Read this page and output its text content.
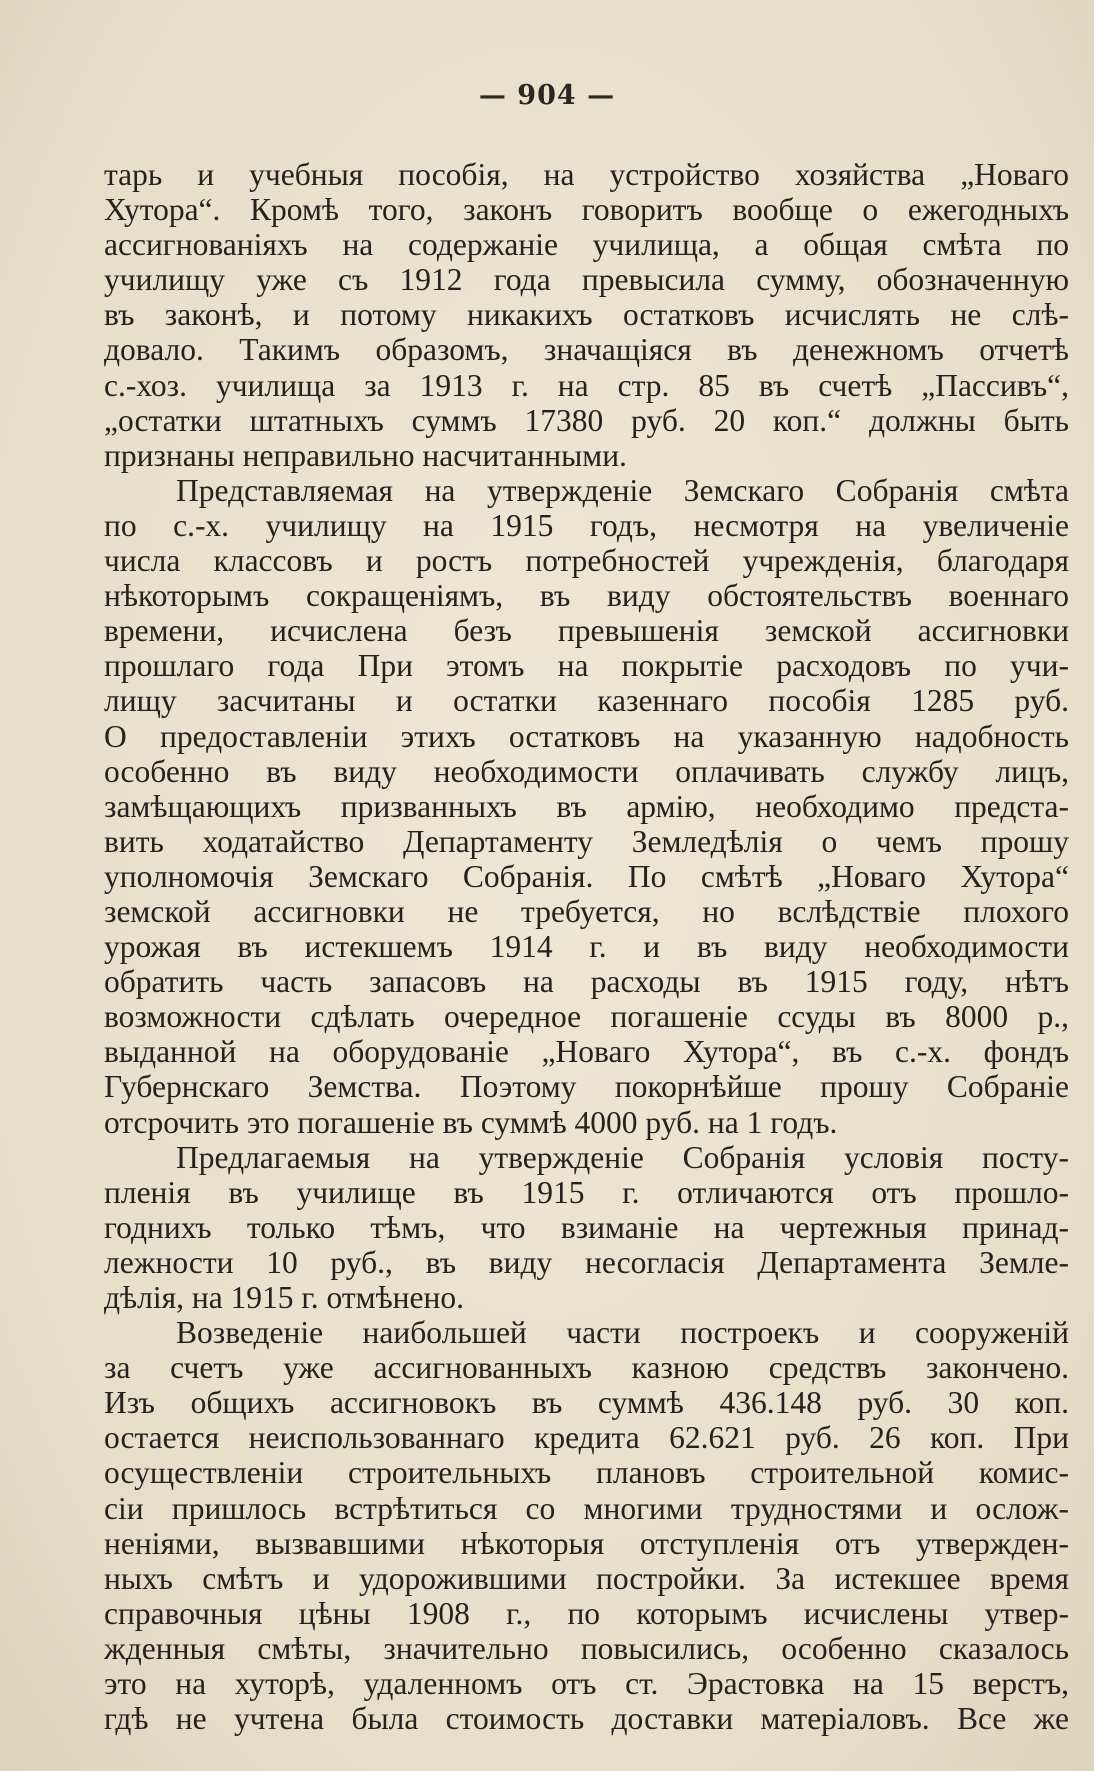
— 904 —
тарь и учебныя пособія, на устройство хозяйства „Новаго
Хутора“. Кромѣ того, законъ говоритъ вообще о ежегодныхъ
ассигнованіяхъ на содержаніе училища, а общая смѣта по
училищу уже съ 1912 года превысила сумму, обозначенную
въ законѣ, и потому никакихъ остатковъ исчислять не слѣ-
довало. Такимъ образомъ, значащіяся въ денежномъ отчетѣ
с.-хоз. училища за 1913 г. на стр. 85 въ счетѣ „Пассивъ“,
„остатки штатныхъ суммъ 17380 руб. 20 коп.“ должны быть
признаны неправильно насчитанными.
Представляемая на утвержденіе Земскаго Собранія смѣта
по с.-х. училищу на 1915 годъ, несмотря на увеличеніе
числа классовъ и ростъ потребностей учрежденія, благодаря
нѣкоторымъ сокращеніямъ, въ виду обстоятельствъ военнаго
времени, исчислена безъ превышенія земской ассигновки
прошлаго года При этомъ на покрытіе расходовъ по учи-
лищу засчитаны и остатки казеннаго пособія 1285 руб.
О предоставленіи этихъ остатковъ на указанную надобность
особенно въ виду необходимости оплачивать службу лицъ,
замѣщающихъ призванныхъ въ армію, необходимо предста-
вить ходатайство Департаменту Земледѣлія о чемъ прошу
уполномочія Земскаго Собранія. По смѣтѣ „Новаго Хутора“
земской ассигновки не требуется, но вслѣдствіе плохого
урожая въ истекшемъ 1914 г. и въ виду необходимости
обратить часть запасовъ на расходы въ 1915 году, нѣтъ
возможности сдѣлать очередное погашеніе ссуды въ 8000 р.,
выданной на оборудованіе „Новаго Хутора“, въ с.-х. фондъ
Губернскаго Земства. Поэтому покорнѣйше прошу Собраніе
отсрочить это погашеніе въ суммѣ 4000 руб. на 1 годъ.
Предлагаемыя на утвержденіе Собранія условія посту-
пленія въ училище въ 1915 г. отличаются отъ прошло-
годнихъ только тѣмъ, что взиманіе на чертежныя принад-
лежности 10 руб., въ виду несогласія Департамента Земле-
дѣлія, на 1915 г. отмѣнено.
Возведеніе наибольшей части построекъ и сооруженій
за счетъ уже ассигнованныхъ казною средствъ закончено.
Изъ общихъ ассигновокъ въ суммѣ 436.148 руб. 30 коп.
остается неиспользованнаго кредита 62.621 руб. 26 коп. При
осуществленіи строительныхъ плановъ строительной комис-
сіи пришлось встрѣтиться со многими трудностями и ослож-
неніями, вызвавшими нѣкоторыя отступленія отъ утвержден-
ныхъ смѣтъ и удорожившими постройки. За истекшее время
справочныя цѣны 1908 г., по которымъ исчислены утвер-
жденныя смѣты, значительно повысились, особенно сказалось
это на хуторѣ, удаленномъ отъ ст. Эрастовка на 15 верстъ,
гдѣ не учтена была стоимость доставки матеріаловъ. Все же
